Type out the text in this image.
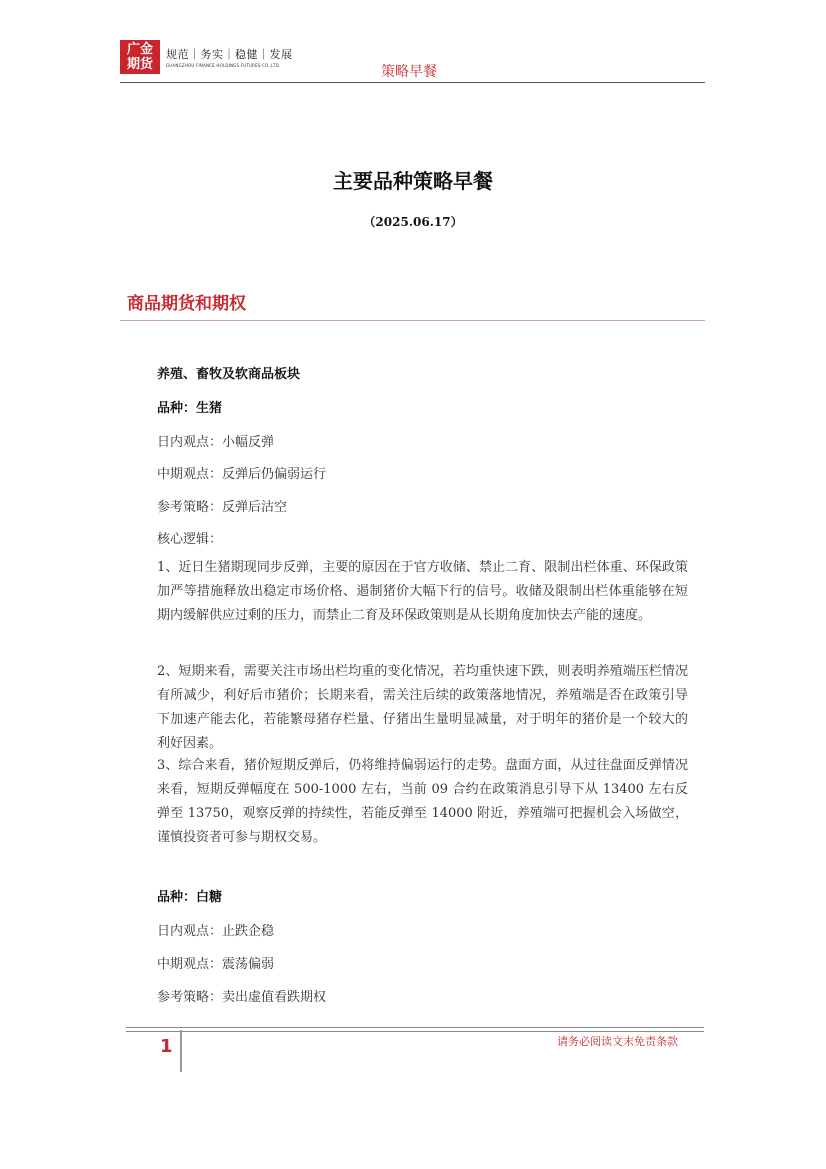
广金
期货
规范｜务实｜稳健｜发展
GUANGZHOU FINANCE HOLDINGS FUTURES CO.,LTD.	策略早餐
主要品种策略早餐
（2025.06.17）
商品期货和期权
养殖、畜牧及软商品板块
品种：生猪
日内观点：小幅反弹
中期观点：反弹后仍偏弱运行
参考策略：反弹后沽空
核心逻辑：
1、近日生猪期现同步反弹，主要的原因在于官方收储、禁止二育、限制出栏体重、环保政策加严等措施释放出稳定市场价格、遏制猪价大幅下行的信号。收储及限制出栏体重能够在短期内缓解供应过剩的压力，而禁止二育及环保政策则是从长期角度加快去产能的速度。
2、短期来看，需要关注市场出栏均重的变化情况，若均重快速下跌，则表明养殖端压栏情况有所减少，利好后市猪价；长期来看，需关注后续的政策落地情况，养殖端是否在政策引导下加速产能去化，若能繁母猪存栏量、仔猪出生量明显减量，对于明年的猪价是一个较大的利好因素。
3、综合来看，猪价短期反弹后，仍将维持偏弱运行的走势。盘面方面，从过往盘面反弹情况来看，短期反弹幅度在 500-1000 左右，当前 09 合约在政策消息引导下从 13400 左右反弹至 13750，观察反弹的持续性，若能反弹至 14000 附近，养殖端可把握机会入场做空，谨慎投资者可参与期权交易。
品种：白糖
日内观点：止跌企稳
中期观点：震荡偏弱
参考策略：卖出虚值看跌期权
1	请务必阅读文末免责条款
